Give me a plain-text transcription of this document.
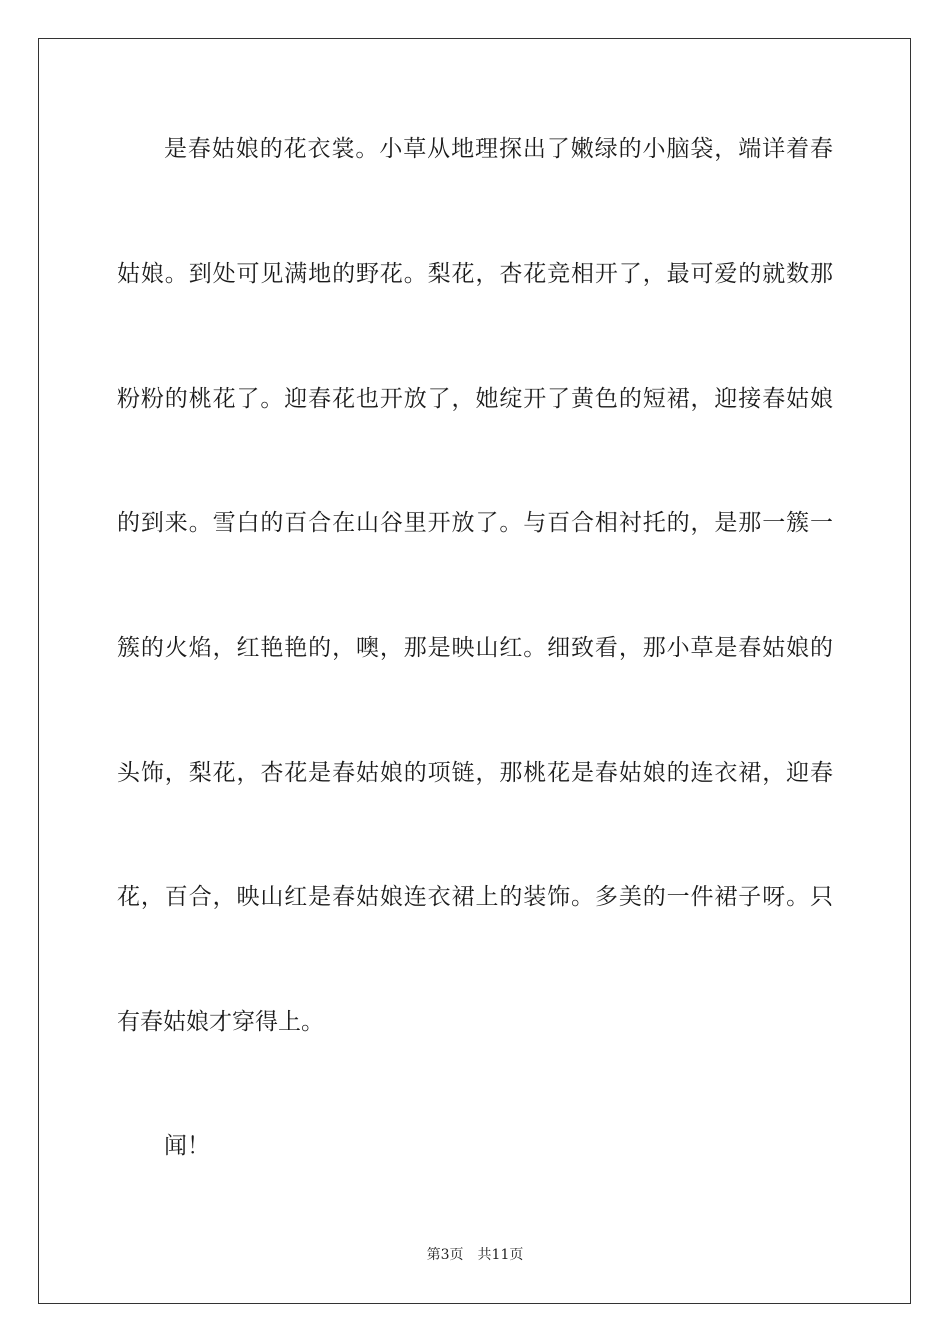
是春姑娘的花衣裳。小草从地理探出了嫩绿的小脑袋，端详着春
姑娘。到处可见满地的野花。梨花，杏花竞相开了，最可爱的就数那
粉粉的桃花了。迎春花也开放了，她绽开了黄色的短裙，迎接春姑娘
的到来。雪白的百合在山谷里开放了。与百合相衬托的，是那一簇一
簇的火焰，红艳艳的，噢，那是映山红。细致看，那小草是春姑娘的
头饰，梨花，杏花是春姑娘的项链，那桃花是春姑娘的连衣裙，迎春
花，百合，映山红是春姑娘连衣裙上的装饰。多美的一件裙子呀。只
有春姑娘才穿得上。
闻！
第3页 共11页
